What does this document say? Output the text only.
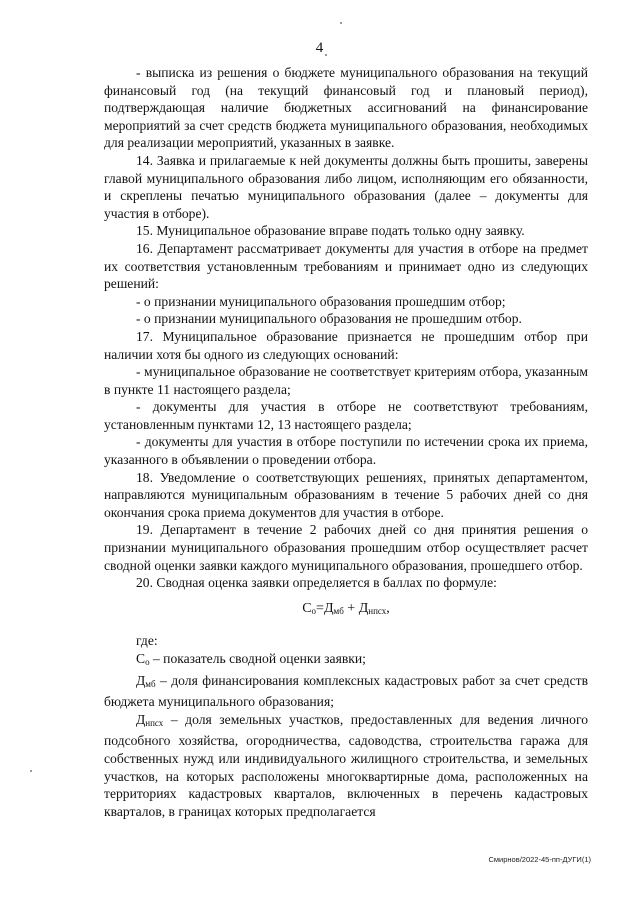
4

- выписка из решения о бюджете муниципального образования на текущий финансовый год (на текущий финансовый год и плановый период), подтверждающая наличие бюджетных ассигнований на финансирование мероприятий за счет средств бюджета муниципального образования, необходимых для реализации мероприятий, указанных в заявке.

14. Заявка и прилагаемые к ней документы должны быть прошиты, заверены главой муниципального образования либо лицом, исполняющим его обязанности, и скреплены печатью муниципального образования (далее – документы для участия в отборе).

15. Муниципальное образование вправе подать только одну заявку.

16. Департамент рассматривает документы для участия в отборе на предмет их соответствия установленным требованиям и принимает одно из следующих решений:

- о признании муниципального образования прошедшим отбор;

- о признании муниципального образования не прошедшим отбор.

17. Муниципальное образование признается не прошедшим отбор при наличии хотя бы одного из следующих оснований:

- муниципальное образование не соответствует критериям отбора, указанным в пункте 11 настоящего раздела;

- документы для участия в отборе не соответствуют требованиям, установленным пунктами 12, 13 настоящего раздела;

- документы для участия в отборе поступили по истечении срока их приема, указанного в объявлении о проведении отбора.

18. Уведомление о соответствующих решениях, принятых департаментом, направляются муниципальным образованиям в течение 5 рабочих дней со дня окончания срока приема документов для участия в отборе.

19. Департамент в течение 2 рабочих дней со дня принятия решения о признании муниципального образования прошедшим отбор осуществляет расчет сводной оценки заявки каждого муниципального образования, прошедшего отбор.

20. Сводная оценка заявки определяется в баллах по формуле:

$С_о=Д_{мб} + Д_{нпсх}$,

где:

$С_о$ – показатель сводной оценки заявки;

$Д_{мб}$ – доля финансирования комплексных кадастровых работ за счет средств бюджета муниципального образования;

$Д_{нпсх}$ – доля земельных участков, предоставленных для ведения личного подсобного хозяйства, огородничества, садоводства, строительства гаража для собственных нужд или индивидуального жилищного строительства, и земельных участков, на которых расположены многоквартирные дома, расположенных на территориях кадастровых кварталов, включенных в перечень кадастровых кварталов, в границах которых предполагается

Смирнов/2022-45-пп-ДУГИ(1)
